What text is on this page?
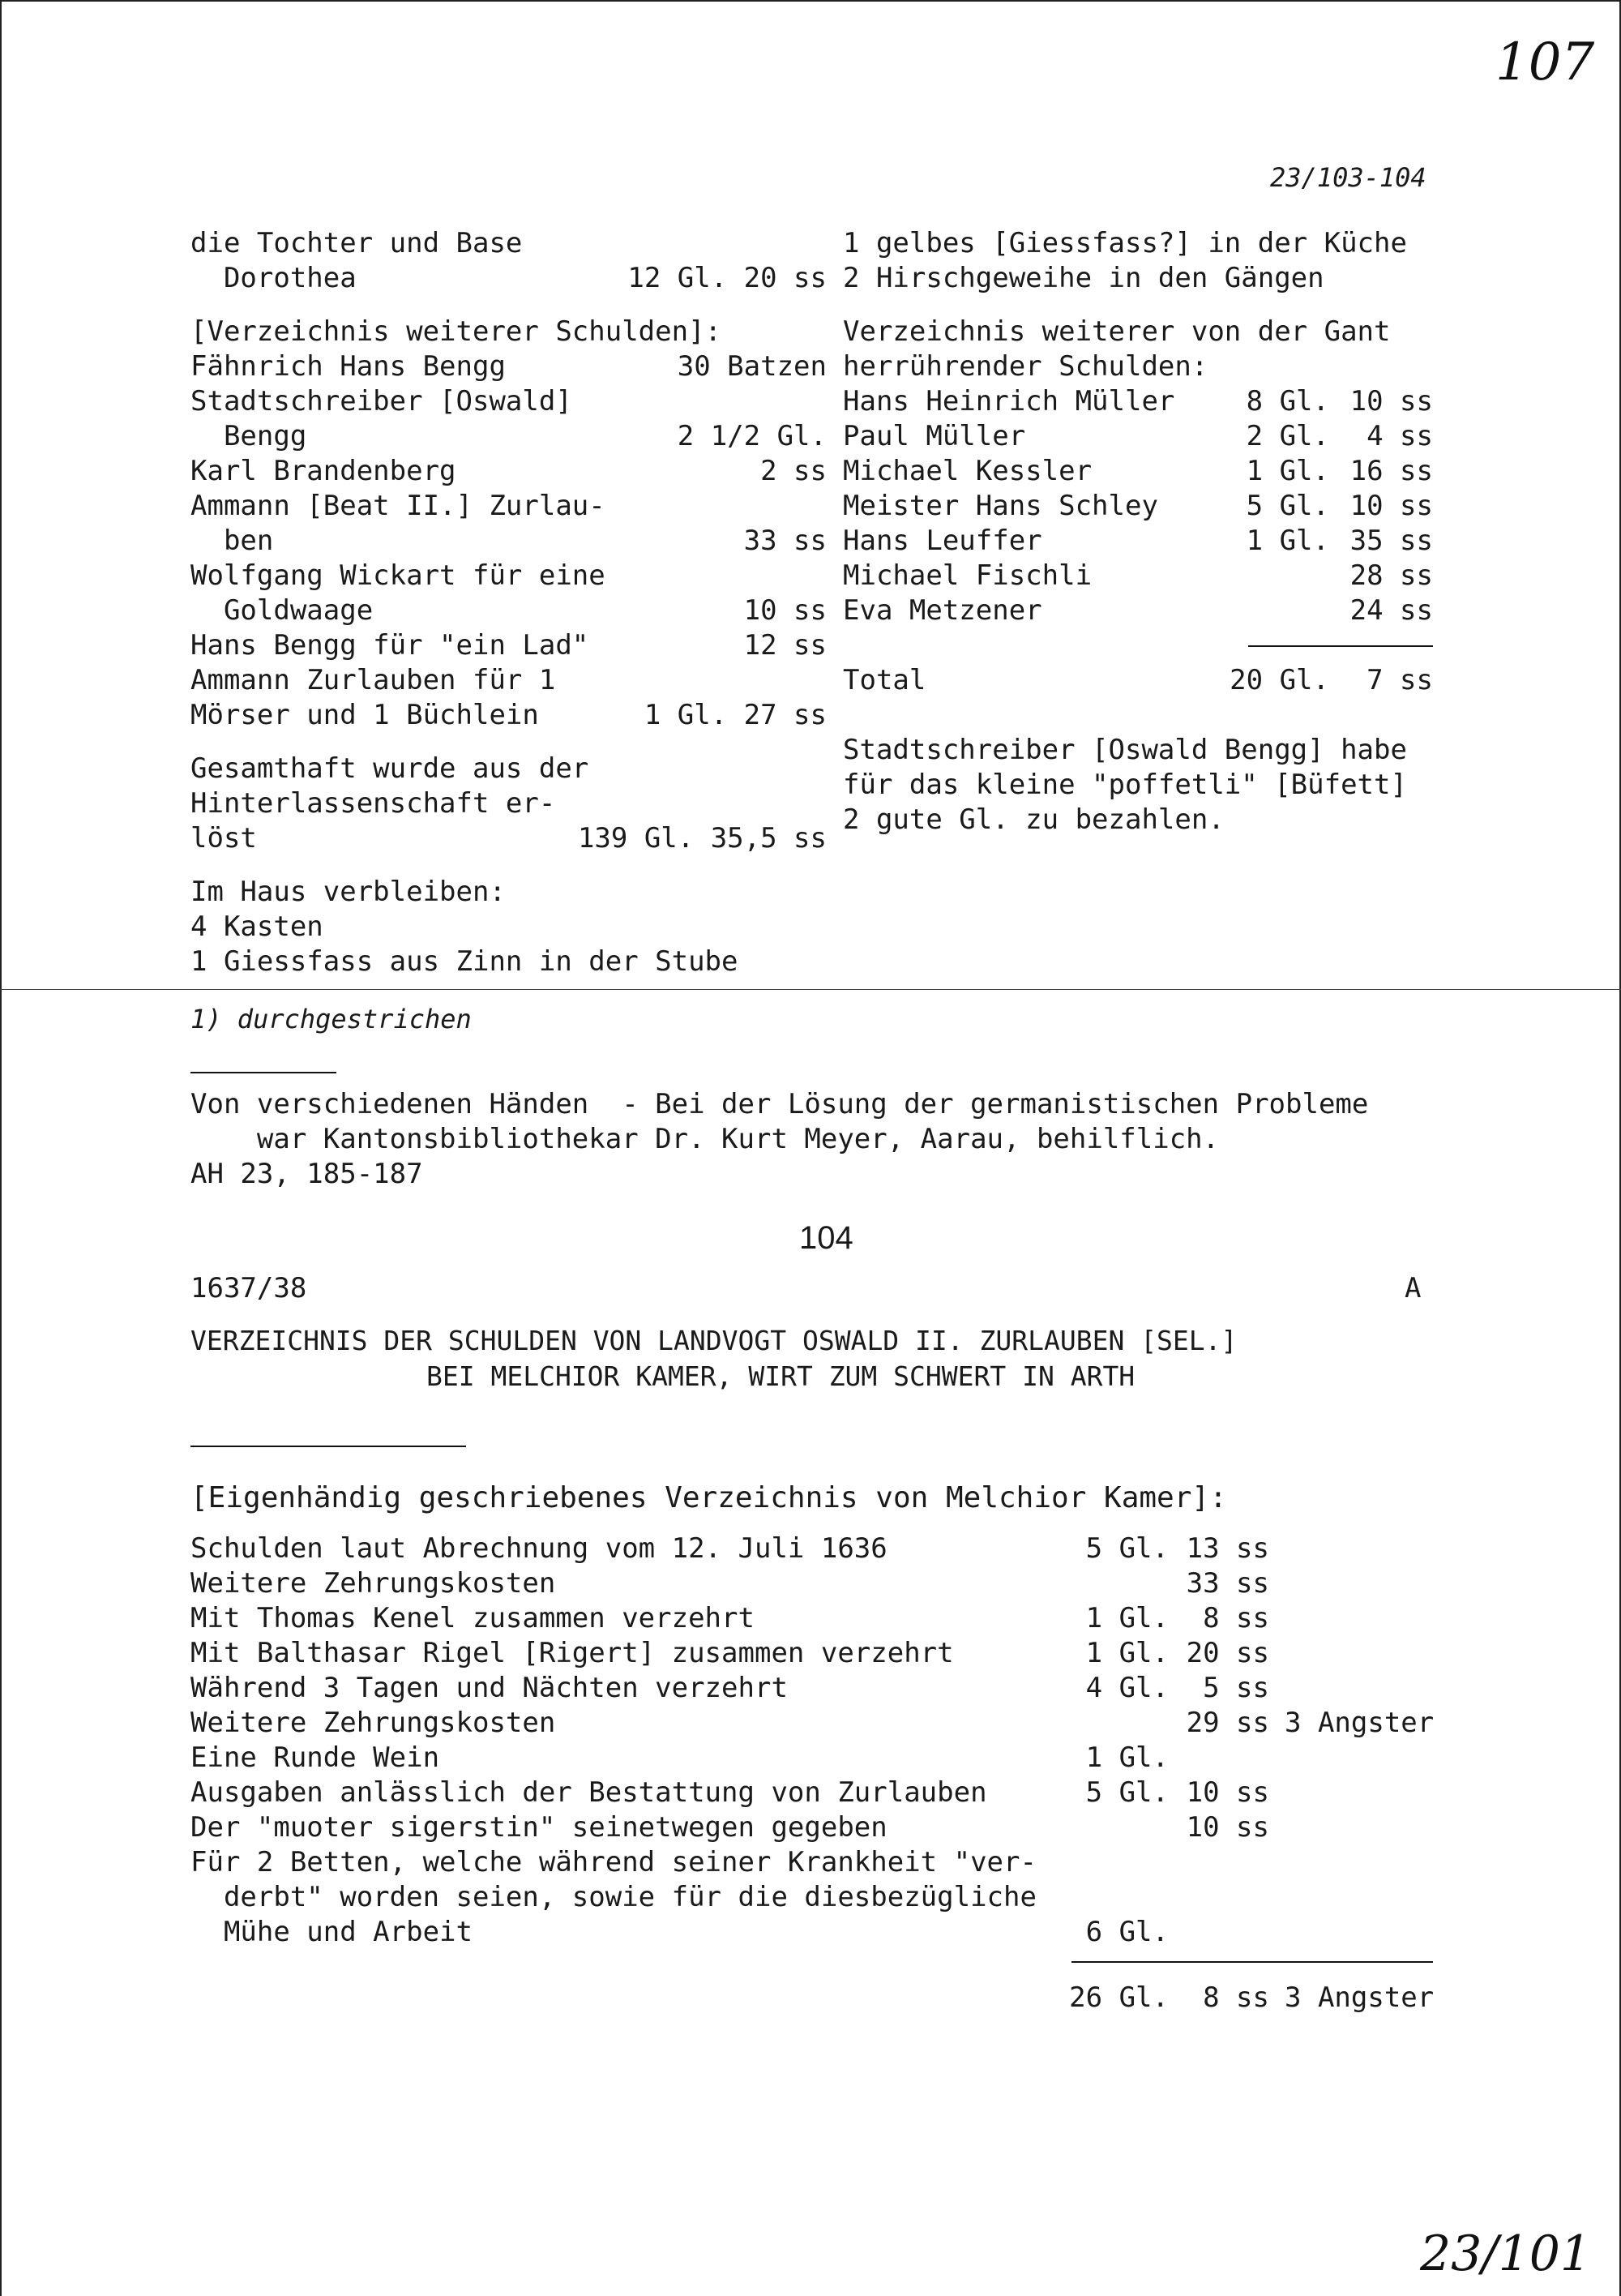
107
23/103-104
die Tochter und Base
Dorothea	12 Gl. 20 ss
[Verzeichnis weiterer Schulden]:
Fähnrich Hans Bengg	30 Batzen
Stadtschreiber [Oswald]
Bengg	2 1/2 Gl.
Karl Brandenberg	2 ss
Ammann [Beat II.] Zurlau-
ben	33 ss
Wolfgang Wickart für eine
Goldwaage	10 ss
Hans Bengg für "ein Lad"	12 ss
Ammann Zurlauben für 1
Mörser und 1 Büchlein	1 Gl. 27 ss
Gesamthaft wurde aus der
Hinterlassenschaft er-
löst	139 Gl. 35,5 ss
Im Haus verbleiben:
4 Kasten
1 Giessfass aus Zinn in der Stube
1 gelbes [Giessfass?] in der Küche
2 Hirschgeweihe in den Gängen
Verzeichnis weiterer von der Gant
herrührender Schulden:
Hans Heinrich Müller	8 Gl. 10 ss
Paul Müller	2 Gl.	4 ss
Michael Kessler	1 Gl. 16 ss
Meister Hans Schley	5 Gl. 10 ss
Hans Leuffer	1 Gl. 35 ss
Michael Fischli	28 ss
Eva Metzener	24 ss
Total	20 Gl.	7 ss
Stadtschreiber [Oswald Bengg] habe
für das kleine "poffetli" [Büfett]
2 gute Gl. zu bezahlen.
1) durchgestrichen
Von verschiedenen Händen  - Bei der Lösung der germanistischen Probleme
war Kantonsbibliothekar Dr. Kurt Meyer, Aarau, behilflich.
AH 23, 185-187
104
1637/38	A
VERZEICHNIS DER SCHULDEN VON LANDVOGT OSWALD II. ZURLAUBEN [SEL.]
BEI MELCHIOR KAMER, WIRT ZUM SCHWERT IN ARTH
[Eigenhändig geschriebenes Verzeichnis von Melchior Kamer]:
Schulden laut Abrechnung vom 12. Juli 1636	5 Gl. 13 ss
Weitere Zehrungskosten	33 ss
Mit Thomas Kenel zusammen verzehrt	1 Gl.	8 ss
Mit Balthasar Rigel [Rigert] zusammen verzehrt	1 Gl. 20 ss
Während 3 Tagen und Nächten verzehrt	4 Gl.	5 ss
Weitere Zehrungskosten	29 ss 3 Angster
Eine Runde Wein	1 Gl.
Ausgaben anlässlich der Bestattung von Zurlauben	5 Gl. 10 ss
Der "muoter sigerstin" seinetwegen gegeben	10 ss
Für 2 Betten, welche während seiner Krankheit "ver-
derbt" worden seien, sowie für die diesbezügliche
Mühe und Arbeit	6 Gl.
26 Gl.	8 ss 3 Angster
23/101
